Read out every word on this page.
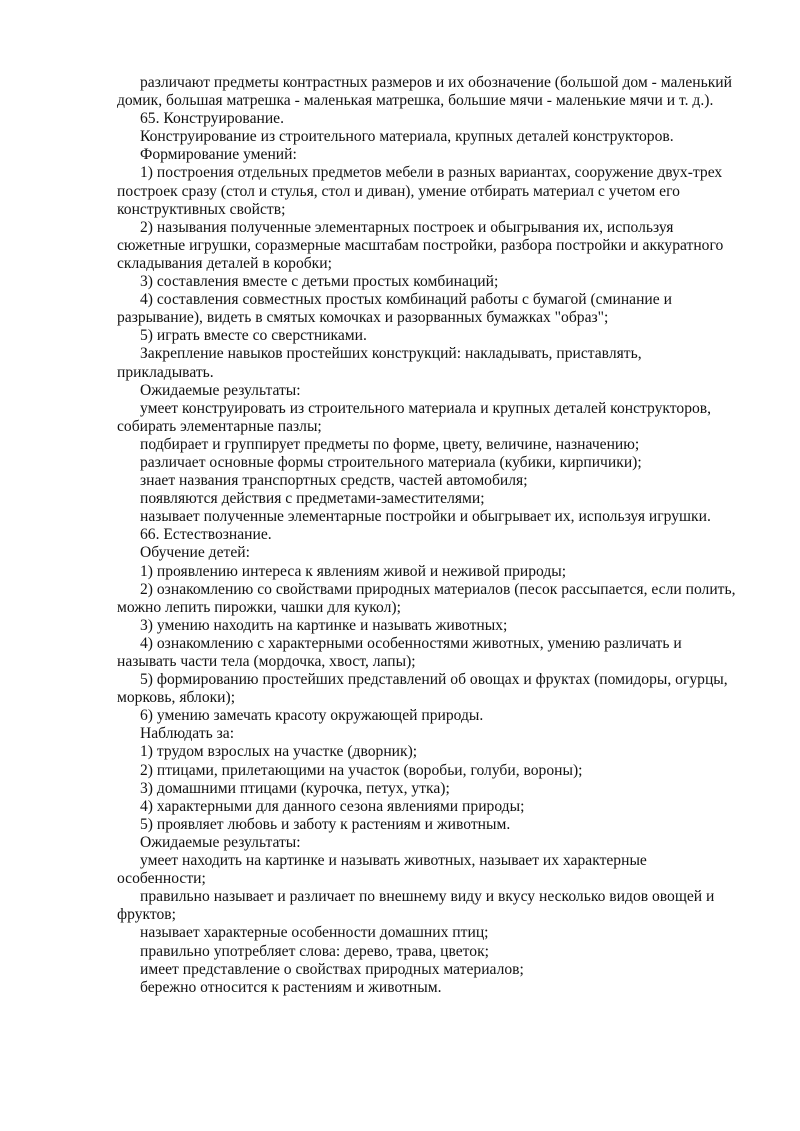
различают предметы контрастных размеров и их обозначение (большой дом - маленький домик, большая матрешка - маленькая матрешка, большие мячи - маленькие мячи и т. д.).

65. Конструирование.

Конструирование из строительного материала, крупных деталей конструкторов.

Формирование умений:

1) построения отдельных предметов мебели в разных вариантах, сооружение двух-трех построек сразу (стол и стулья, стол и диван), умение отбирать материал с учетом его конструктивных свойств;

2) называния полученные элементарных построек и обыгрывания их, используя сюжетные игрушки, соразмерные масштабам постройки, разбора постройки и аккуратного складывания деталей в коробки;

3) составления вместе с детьми простых комбинаций;

4) составления совместных простых комбинаций работы с бумагой (сминание и разрывание), видеть в смятых комочках и разорванных бумажках "образ";

5) играть вместе со сверстниками.

Закрепление навыков простейших конструкций: накладывать, приставлять, прикладывать.

Ожидаемые результаты:

умеет конструировать из строительного материала и крупных деталей конструкторов, собирать элементарные пазлы;

подбирает и группирует предметы по форме, цвету, величине, назначению;

различает основные формы строительного материала (кубики, кирпичики);

знает названия транспортных средств, частей автомобиля;

появляются действия с предметами-заместителями;

называет полученные элементарные постройки и обыгрывает их, используя игрушки.

66. Естествознание.

Обучение детей:

1) проявлению интереса к явлениям живой и неживой природы;

2) ознакомлению со свойствами природных материалов (песок рассыпается, если полить, можно лепить пирожки, чашки для кукол);

3) умению находить на картинке и называть животных;

4) ознакомлению с характерными особенностями животных, умению различать и называть части тела (мордочка, хвост, лапы);

5) формированию простейших представлений об овощах и фруктах (помидоры, огурцы, морковь, яблоки);

6) умению замечать красоту окружающей природы.

Наблюдать за:

1) трудом взрослых на участке (дворник);

2) птицами, прилетающими на участок (воробьи, голуби, вороны);

3) домашними птицами (курочка, петух, утка);

4) характерными для данного сезона явлениями природы;

5) проявляет любовь и заботу к растениям и животным.

Ожидаемые результаты:

умеет находить на картинке и называть животных, называет их характерные особенности;

правильно называет и различает по внешнему виду и вкусу несколько видов овощей и фруктов;

называет характерные особенности домашних птиц;

правильно употребляет слова: дерево, трава, цветок;

имеет представление о свойствах природных материалов;

бережно относится к растениям и животным.
